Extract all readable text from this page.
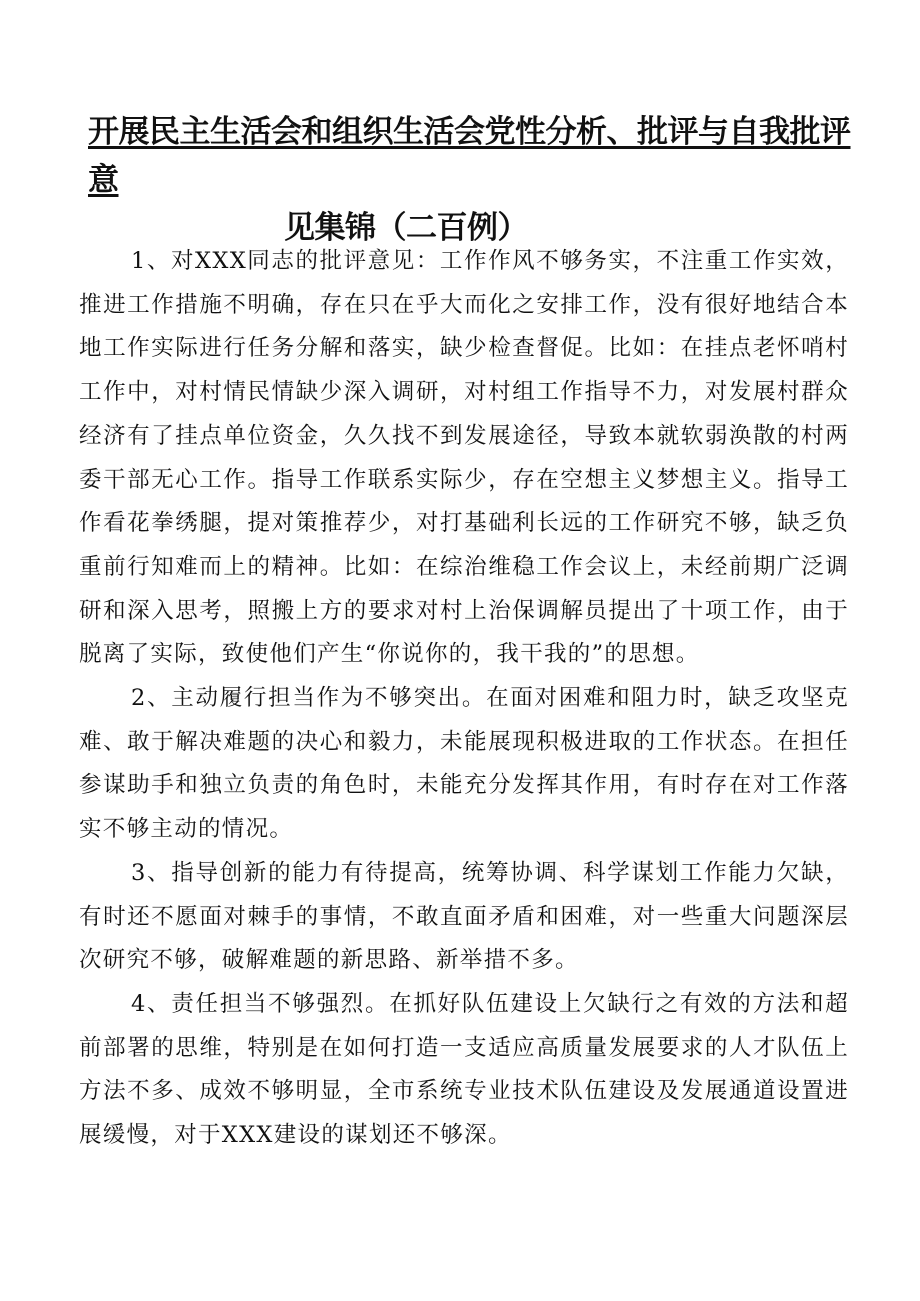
开展民主生活会和组织生活会党性分析、批评与自我批评意
见集锦（二百例）

1、对XXX同志的批评意见：工作作风不够务实，不注重工作实效，推进工作措施不明确，存在只在乎大而化之安排工作，没有很好地结合本地工作实际进行任务分解和落实，缺少检查督促。比如：在挂点老怀哨村工作中，对村情民情缺少深入调研，对村组工作指导不力，对发展村群众经济有了挂点单位资金，久久找不到发展途径，导致本就软弱涣散的村两委干部无心工作。指导工作联系实际少，存在空想主义梦想主义。指导工作看花拳绣腿，提对策推荐少，对打基础利长远的工作研究不够，缺乏负重前行知难而上的精神。比如：在综治维稳工作会议上，未经前期广泛调研和深入思考，照搬上方的要求对村上治保调解员提出了十项工作，由于脱离了实际，致使他们产生“你说你的，我干我的”的思想。

2、主动履行担当作为不够突出。在面对困难和阻力时，缺乏攻坚克难、敢于解决难题的决心和毅力，未能展现积极进取的工作状态。在担任参谋助手和独立负责的角色时，未能充分发挥其作用，有时存在对工作落实不够主动的情况。

3、指导创新的能力有待提高，统筹协调、科学谋划工作能力欠缺，有时还不愿面对棘手的事情，不敢直面矛盾和困难，对一些重大问题深层次研究不够，破解难题的新思路、新举措不多。

4、责任担当不够强烈。在抓好队伍建设上欠缺行之有效的方法和超前部署的思维，特别是在如何打造一支适应高质量发展要求的人才队伍上方法不多、成效不够明显，全市系统专业技术队伍建设及发展通道设置进展缓慢，对于XXX建设的谋划还不够深。
